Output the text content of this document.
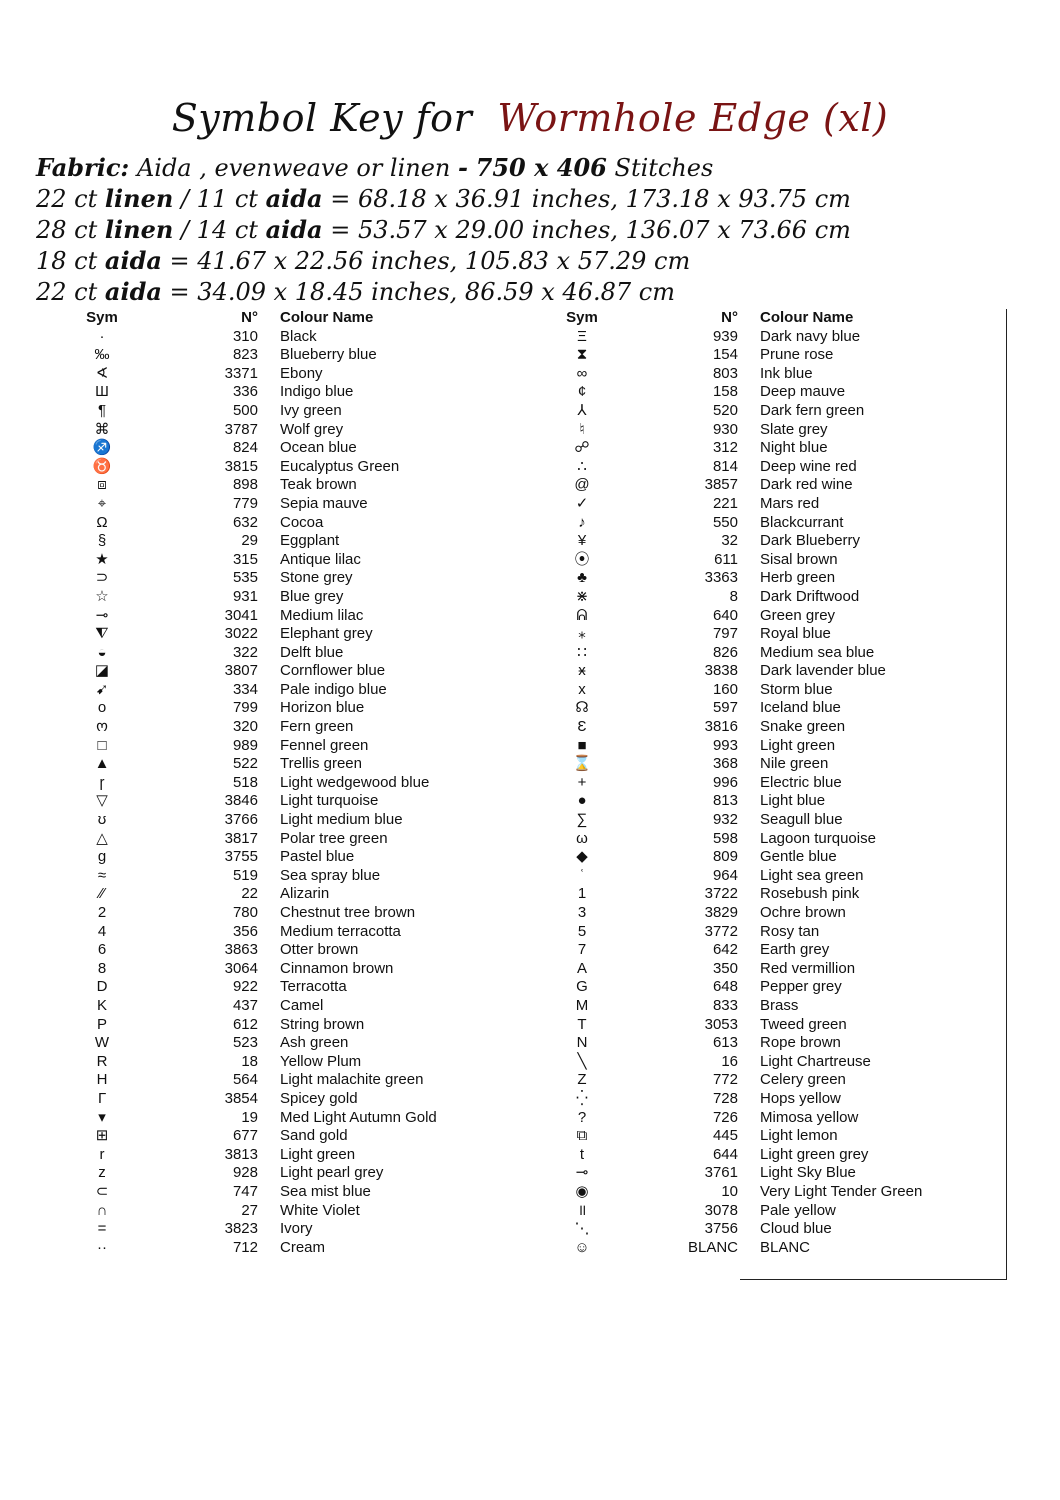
Symbol Key for Wormhole Edge (xl)
Fabric: Aida , evenweave or linen - 750 x 406 Stitches
22 ct linen / 11 ct aida = 68.18 x 36.91 inches, 173.18 x 93.75 cm
28 ct linen / 14 ct aida = 53.57 x 29.00 inches, 136.07 x 73.66 cm
18 ct aida = 41.67 x 22.56 inches, 105.83 x 57.29 cm
22 ct aida = 34.09 x 18.45 inches, 86.59 x 46.87 cm
Sym	N° Colour Name
·	310 Black
‰	823 Blueberry blue
∢	3371 Ebony
Ш	336 Indigo blue
¶	500 Ivy green
⌘	3787 Wolf grey
♐	824 Ocean blue
♉	3815 Eucalyptus Green
⧈	898 Teak brown
⌖	779 Sepia mauve
Ω	632 Cocoa
§	29 Eggplant
★	315 Antique lilac
⊃	535 Stone grey
☆	931 Blue grey
⊸	3041 Medium lilac
⧨	3022 Elephant grey
◒	322 Delft blue
◪	3807 Cornflower blue
➹	334 Pale indigo blue
o	799 Horizon blue
ო	320 Fern green
□	989 Fennel green
▲	522 Trellis green
ɼ	518 Light wedgewood blue
▽	3846 Light turquoise
ʊ	3766 Light medium blue
△	3817 Polar tree green
g	3755 Pastel blue
≈	519 Sea spray blue
⁄⁄	22 Alizarin
2	780 Chestnut tree brown
4	356 Medium terracotta
6	3863 Otter brown
8	3064 Cinnamon brown
D	922 Terracotta
K	437 Camel
P	612 String brown
W	523 Ash green
R	18 Yellow Plum
H	564 Light malachite green
Г	3854 Spicey gold
▾	19 Med Light Autumn Gold
⊞	677 Sand gold
r	3813 Light green
z	928 Light pearl grey
⊂	747 Sea mist blue
∩	27 White Violet
=	3823 Ivory
··	712 Cream
Sym	N° Colour Name
Ξ	939 Dark navy blue
⧗	154 Prune rose
∞	803 Ink blue
¢	158 Deep mauve
⅄	520 Dark fern green
♮	930 Slate grey
☍	312 Night blue
∴	814 Deep wine red
@	3857 Dark red wine
✓	221 Mars red
♪	550 Blackcurrant
¥	32 Dark Blueberry
⦿	611 Sisal brown
♣	3363 Herb green
⋇	8 Dark Driftwood
ᕱ	640 Green grey
⁎	797 Royal blue
∷	826 Medium sea blue
ӿ	3838 Dark lavender blue
x	160 Storm blue
☊	597 Iceland blue
Ɛ	3816 Snake green
■	993 Light green
⌛	368 Nile green
+	996 Electric blue
●	813 Light blue
∑	932 Seagull blue
ω	598 Lagoon turquoise
◆	809 Gentle blue
ʿ	964 Light sea green
1	3722 Rosebush pink
3	3829 Ochre brown
5	3772 Rosy tan
7	642 Earth grey
A	350 Red vermillion
G	648 Pepper grey
M	833 Brass
T	3053 Tweed green
N	613 Rope brown
╲	16 Light Chartreuse
Z	772 Celery green
⁛	728 Hops yellow
?	726 Mimosa yellow
⧉	445 Light lemon
t	644 Light green grey
⊸	3761 Light Sky Blue
◉	10 Very Light Tender Green
॥	3078 Pale yellow
⋱	3756 Cloud blue
☺	BLANC BLANC
